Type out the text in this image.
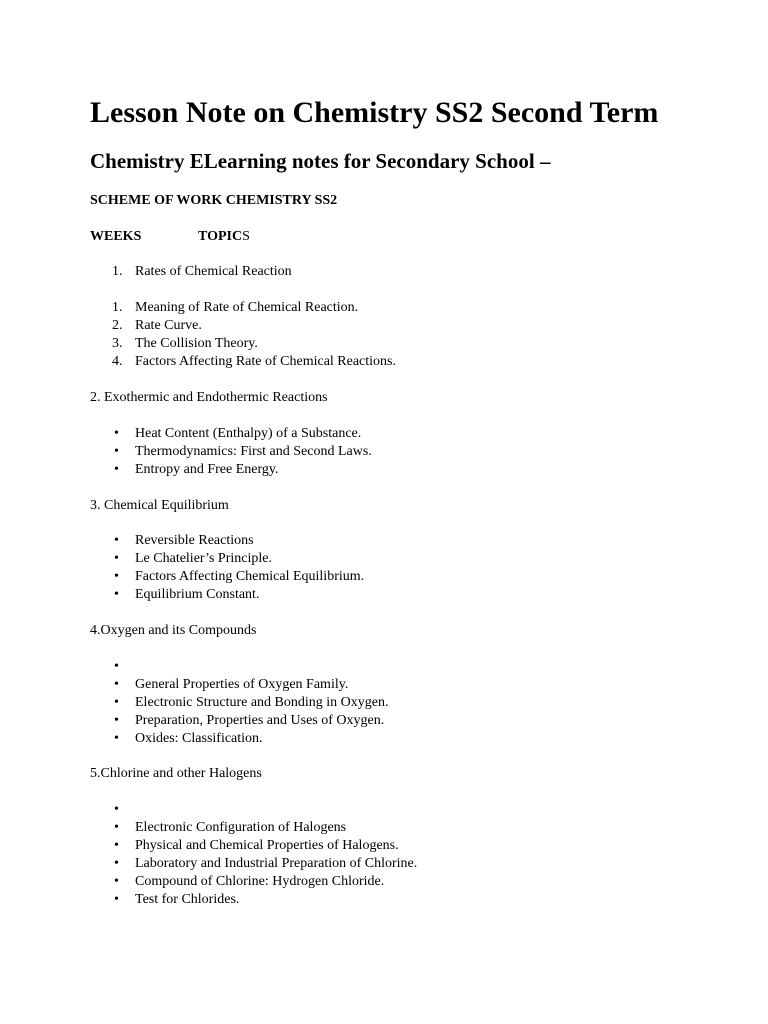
Lesson Note on Chemistry SS2 Second Term
Chemistry ELearning notes for Secondary School –
SCHEME OF WORK CHEMISTRY SS2
WEEKS	TOPICS
1. Rates of Chemical Reaction
1. Meaning of Rate of Chemical Reaction.
2. Rate Curve.
3. The Collision Theory.
4. Factors Affecting Rate of Chemical Reactions.
2. Exothermic and Endothermic Reactions
•	Heat Content (Enthalpy) of a Substance.
•	Thermodynamics: First and Second Laws.
•	Entropy and Free Energy.
3. Chemical Equilibrium
•	Reversible Reactions
•	Le Chatelier’s Principle.
•	Factors Affecting Chemical Equilibrium.
•	Equilibrium Constant.
4.Oxygen and its Compounds
•
•	General Properties of Oxygen Family.
•	Electronic Structure and Bonding in Oxygen.
•	Preparation, Properties and Uses of Oxygen.
•	Oxides: Classification.
5.Chlorine and other Halogens
•
•	Electronic Configuration of Halogens
•	Physical and Chemical Properties of Halogens.
•	Laboratory and Industrial Preparation of Chlorine.
•	Compound of Chlorine: Hydrogen Chloride.
•	Test for Chlorides.
